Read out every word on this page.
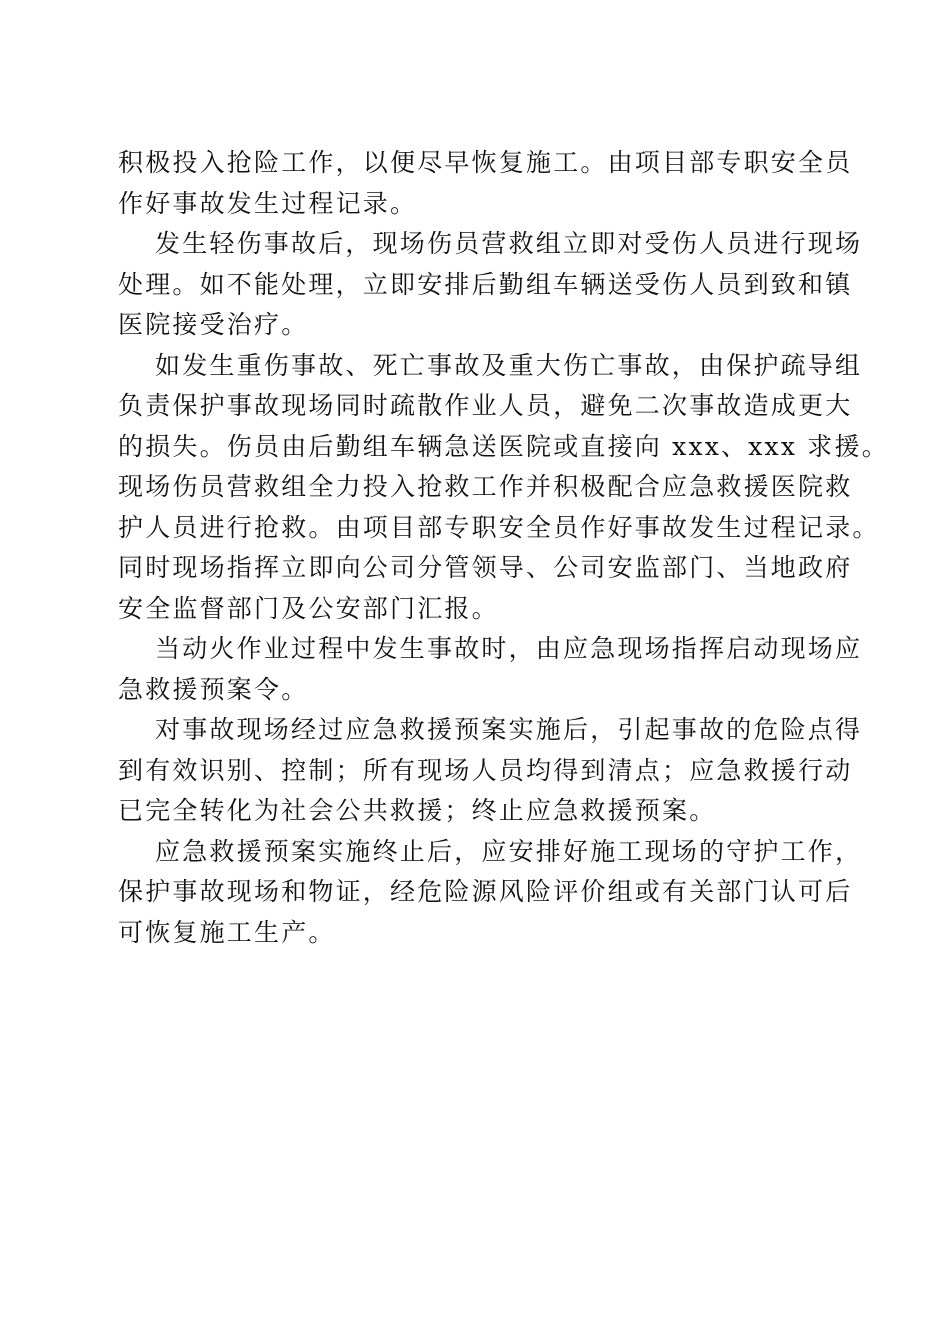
积极投入抢险工作，以便尽早恢复施工。由项目部专职安全员
作好事故发生过程记录。
发生轻伤事故后，现场伤员营救组立即对受伤人员进行现场
处理。如不能处理，立即安排后勤组车辆送受伤人员到致和镇
医院接受治疗。
如发生重伤事故、死亡事故及重大伤亡事故，由保护疏导组
负责保护事故现场同时疏散作业人员，避免二次事故造成更大
的损失。伤员由后勤组车辆急送医院或直接向 xxx、xxx 求援。
现场伤员营救组全力投入抢救工作并积极配合应急救援医院救
护人员进行抢救。由项目部专职安全员作好事故发生过程记录。
同时现场指挥立即向公司分管领导、公司安监部门、当地政府
安全监督部门及公安部门汇报。
当动火作业过程中发生事故时，由应急现场指挥启动现场应
急救援预案令。
对事故现场经过应急救援预案实施后，引起事故的危险点得
到有效识别、控制；所有现场人员均得到清点；应急救援行动
已完全转化为社会公共救援；终止应急救援预案。
应急救援预案实施终止后，应安排好施工现场的守护工作，
保护事故现场和物证，经危险源风险评价组或有关部门认可后
可恢复施工生产。
